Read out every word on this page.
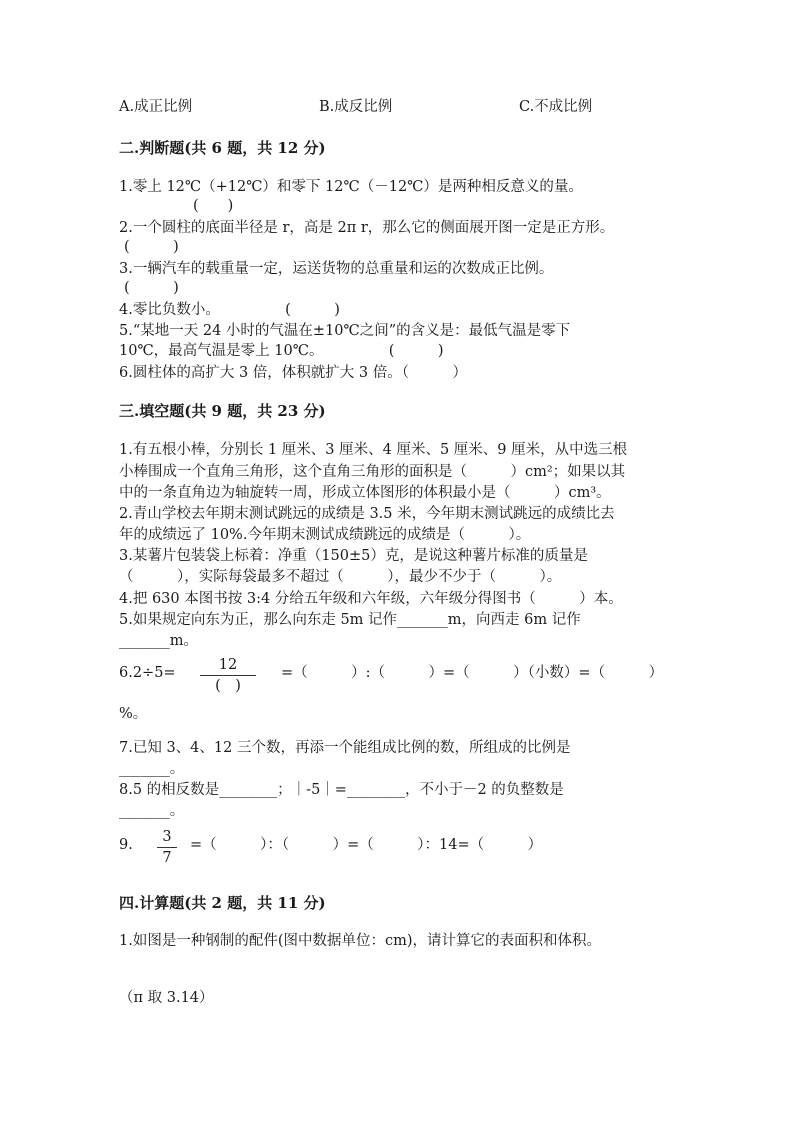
A.成正比例	B.成反比例	C.不成比例
二.判断题(共 6 题，共 12 分)
1.零上 12℃（+12℃）和零下 12℃（－12℃）是两种相反意义的量。
(　　)
2.一个圆柱的底面半径是 r，高是 2π r，那么它的侧面展开图一定是正方形。
(　　　)
3.一辆汽车的载重量一定，运送货物的总重量和运的次数成正比例。
(　　　)
4.零比负数小。　　　　　(　　　)
5.“某地一天 24 小时的气温在±10℃之间”的含义是：最低气温是零下
10℃，最高气温是零上 10℃。　　　　　(　　　)
6.圆柱体的高扩大 3 倍，体积就扩大 3 倍。（　　　）
三.填空题(共 9 题，共 23 分)
1.有五根小棒，分别长 1 厘米、3 厘米、4 厘米、5 厘米、9 厘米，从中选三根
小棒围成一个直角三角形，这个直角三角形的面积是（　　　）cm²；如果以其
中的一条直角边为轴旋转一周，形成立体图形的体积最小是（　　　）cm³。
2.青山学校去年期末测试跳远的成绩是 3.5 米，今年期末测试跳远的成绩比去
年的成绩远了 10%.今年期末测试成绩跳远的成绩是（　　　）。
3.某薯片包装袋上标着：净重（150±5）克，是说这种薯片标准的质量是
（　　　），实际每袋最多不超过（　　　），最少不少于（　　　）。
4.把 630 本图书按 3:4 分给五年级和六年级，六年级分得图书（　　　）本。
5.如果规定向东为正，那么向东走 5m 记作_______m，向西走 6m 记作
_______m。
6.2÷5=	12
(　)
=（　　　）:（　　　）=（　　　）（小数）=（　　　）
%。
7.已知 3、4、12 三个数，再添一个能组成比例的数，所组成的比例是
_______。
8.5 的相反数是________；｜-5｜=________，不小于－2 的负整数是
_______。
9.	3
7
=（　　　）：（　　　）=（　　　）：14=（　　　）
四.计算题(共 2 题，共 11 分)
1.如图是一种钢制的配件(图中数据单位：cm)，请计算它的表面积和体积。
（π 取 3.14）
